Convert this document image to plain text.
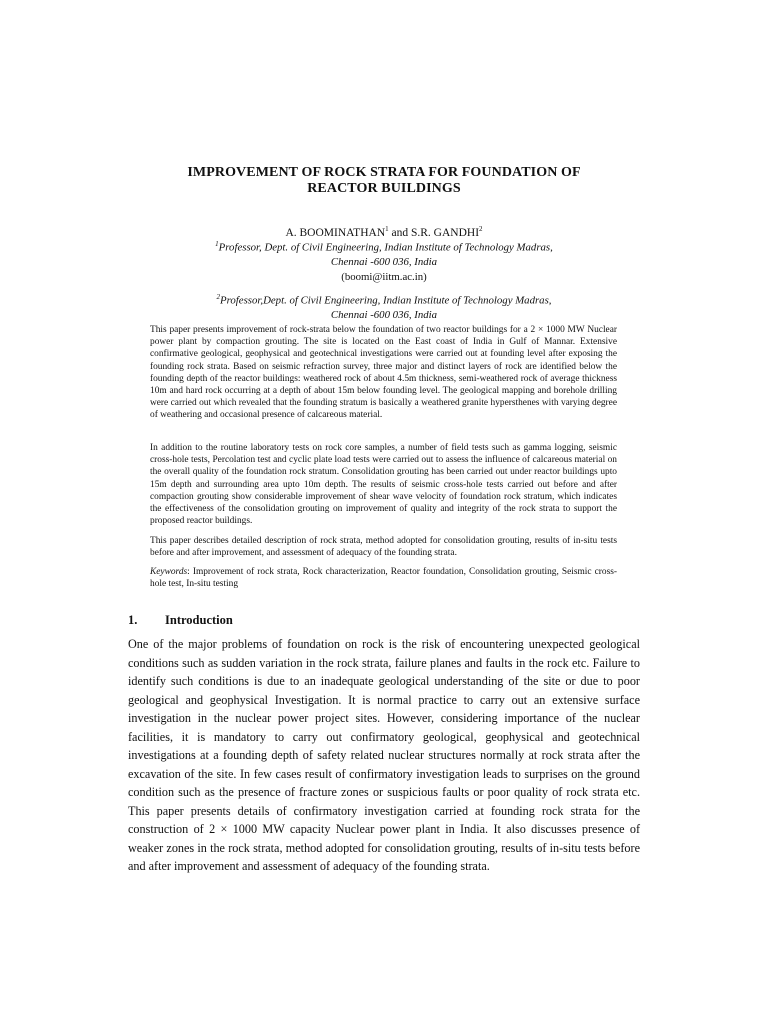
IMPROVEMENT OF ROCK STRATA FOR FOUNDATION OF
REACTOR BUILDINGS
A. BOOMINATHAN$^1$ and S.R. GANDHI$^2$
$^1$Professor, Dept. of Civil Engineering, Indian Institute of Technology Madras,
Chennai -600 036, India
(boomi@iitm.ac.in)
$^2$Professor,Dept. of Civil Engineering, Indian Institute of Technology Madras,
Chennai -600 036, India

This paper presents improvement of rock-strata below the foundation of two reactor buildings for a 2 × 1000 MW Nuclear power plant by compaction grouting. The site is located on the East coast of India in Gulf of Mannar. Extensive confirmative geological, geophysical and geotechnical investigations were carried out at founding level after exposing the founding rock strata. Based on seismic refraction survey, three major and distinct layers of rock are identified below the founding depth of the reactor buildings: weathered rock of about 4.5m thickness, semi-weathered rock of average thickness 10m and hard rock occurring at a depth of about 15m below founding level. The geological mapping and borehole drilling were carried out which revealed that the founding stratum is basically a weathered granite hypersthenes with varying degree of weathering and occasional presence of calcareous material.

In addition to the routine laboratory tests on rock core samples, a number of field tests such as gamma logging, seismic cross-hole tests, Percolation test and cyclic plate load tests were carried out to assess the influence of calcareous material on the overall quality of the foundation rock stratum. Consolidation grouting has been carried out under reactor buildings upto 15m depth and surrounding area upto 10m depth. The results of seismic cross-hole tests carried out before and after compaction grouting show considerable improvement of shear wave velocity of foundation rock stratum, which indicates the effectiveness of the consolidation grouting on improvement of quality and integrity of the rock strata to support the proposed reactor buildings.

This paper describes detailed description of rock strata, method adopted for consolidation grouting, results of in-situ tests before and after improvement, and assessment of adequacy of the founding strata.

Keywords: Improvement of rock strata, Rock characterization, Reactor foundation, Consolidation grouting, Seismic cross-hole test, In-situ testing

1. Introduction

One of the major problems of foundation on rock is the risk of encountering unexpected geological conditions such as sudden variation in the rock strata, failure planes and faults in the rock etc. Failure to identify such conditions is due to an inadequate geological understanding of the site or due to poor geological and geophysical Investigation. It is normal practice to carry out an extensive surface investigation in the nuclear power project sites. However, considering importance of the nuclear facilities, it is mandatory to carry out confirmatory geological, geophysical and geotechnical investigations at a founding depth of safety related nuclear structures normally at rock strata after the excavation of the site. In few cases result of confirmatory investigation leads to surprises on the ground condition such as the presence of fracture zones or suspicious faults or poor quality of rock strata etc. This paper presents details of confirmatory investigation carried at founding rock strata for the construction of 2 × 1000 MW capacity Nuclear power plant in India. It also discusses presence of weaker zones in the rock strata, method adopted for consolidation grouting, results of in-situ tests before and after improvement and assessment of adequacy of the founding strata.
